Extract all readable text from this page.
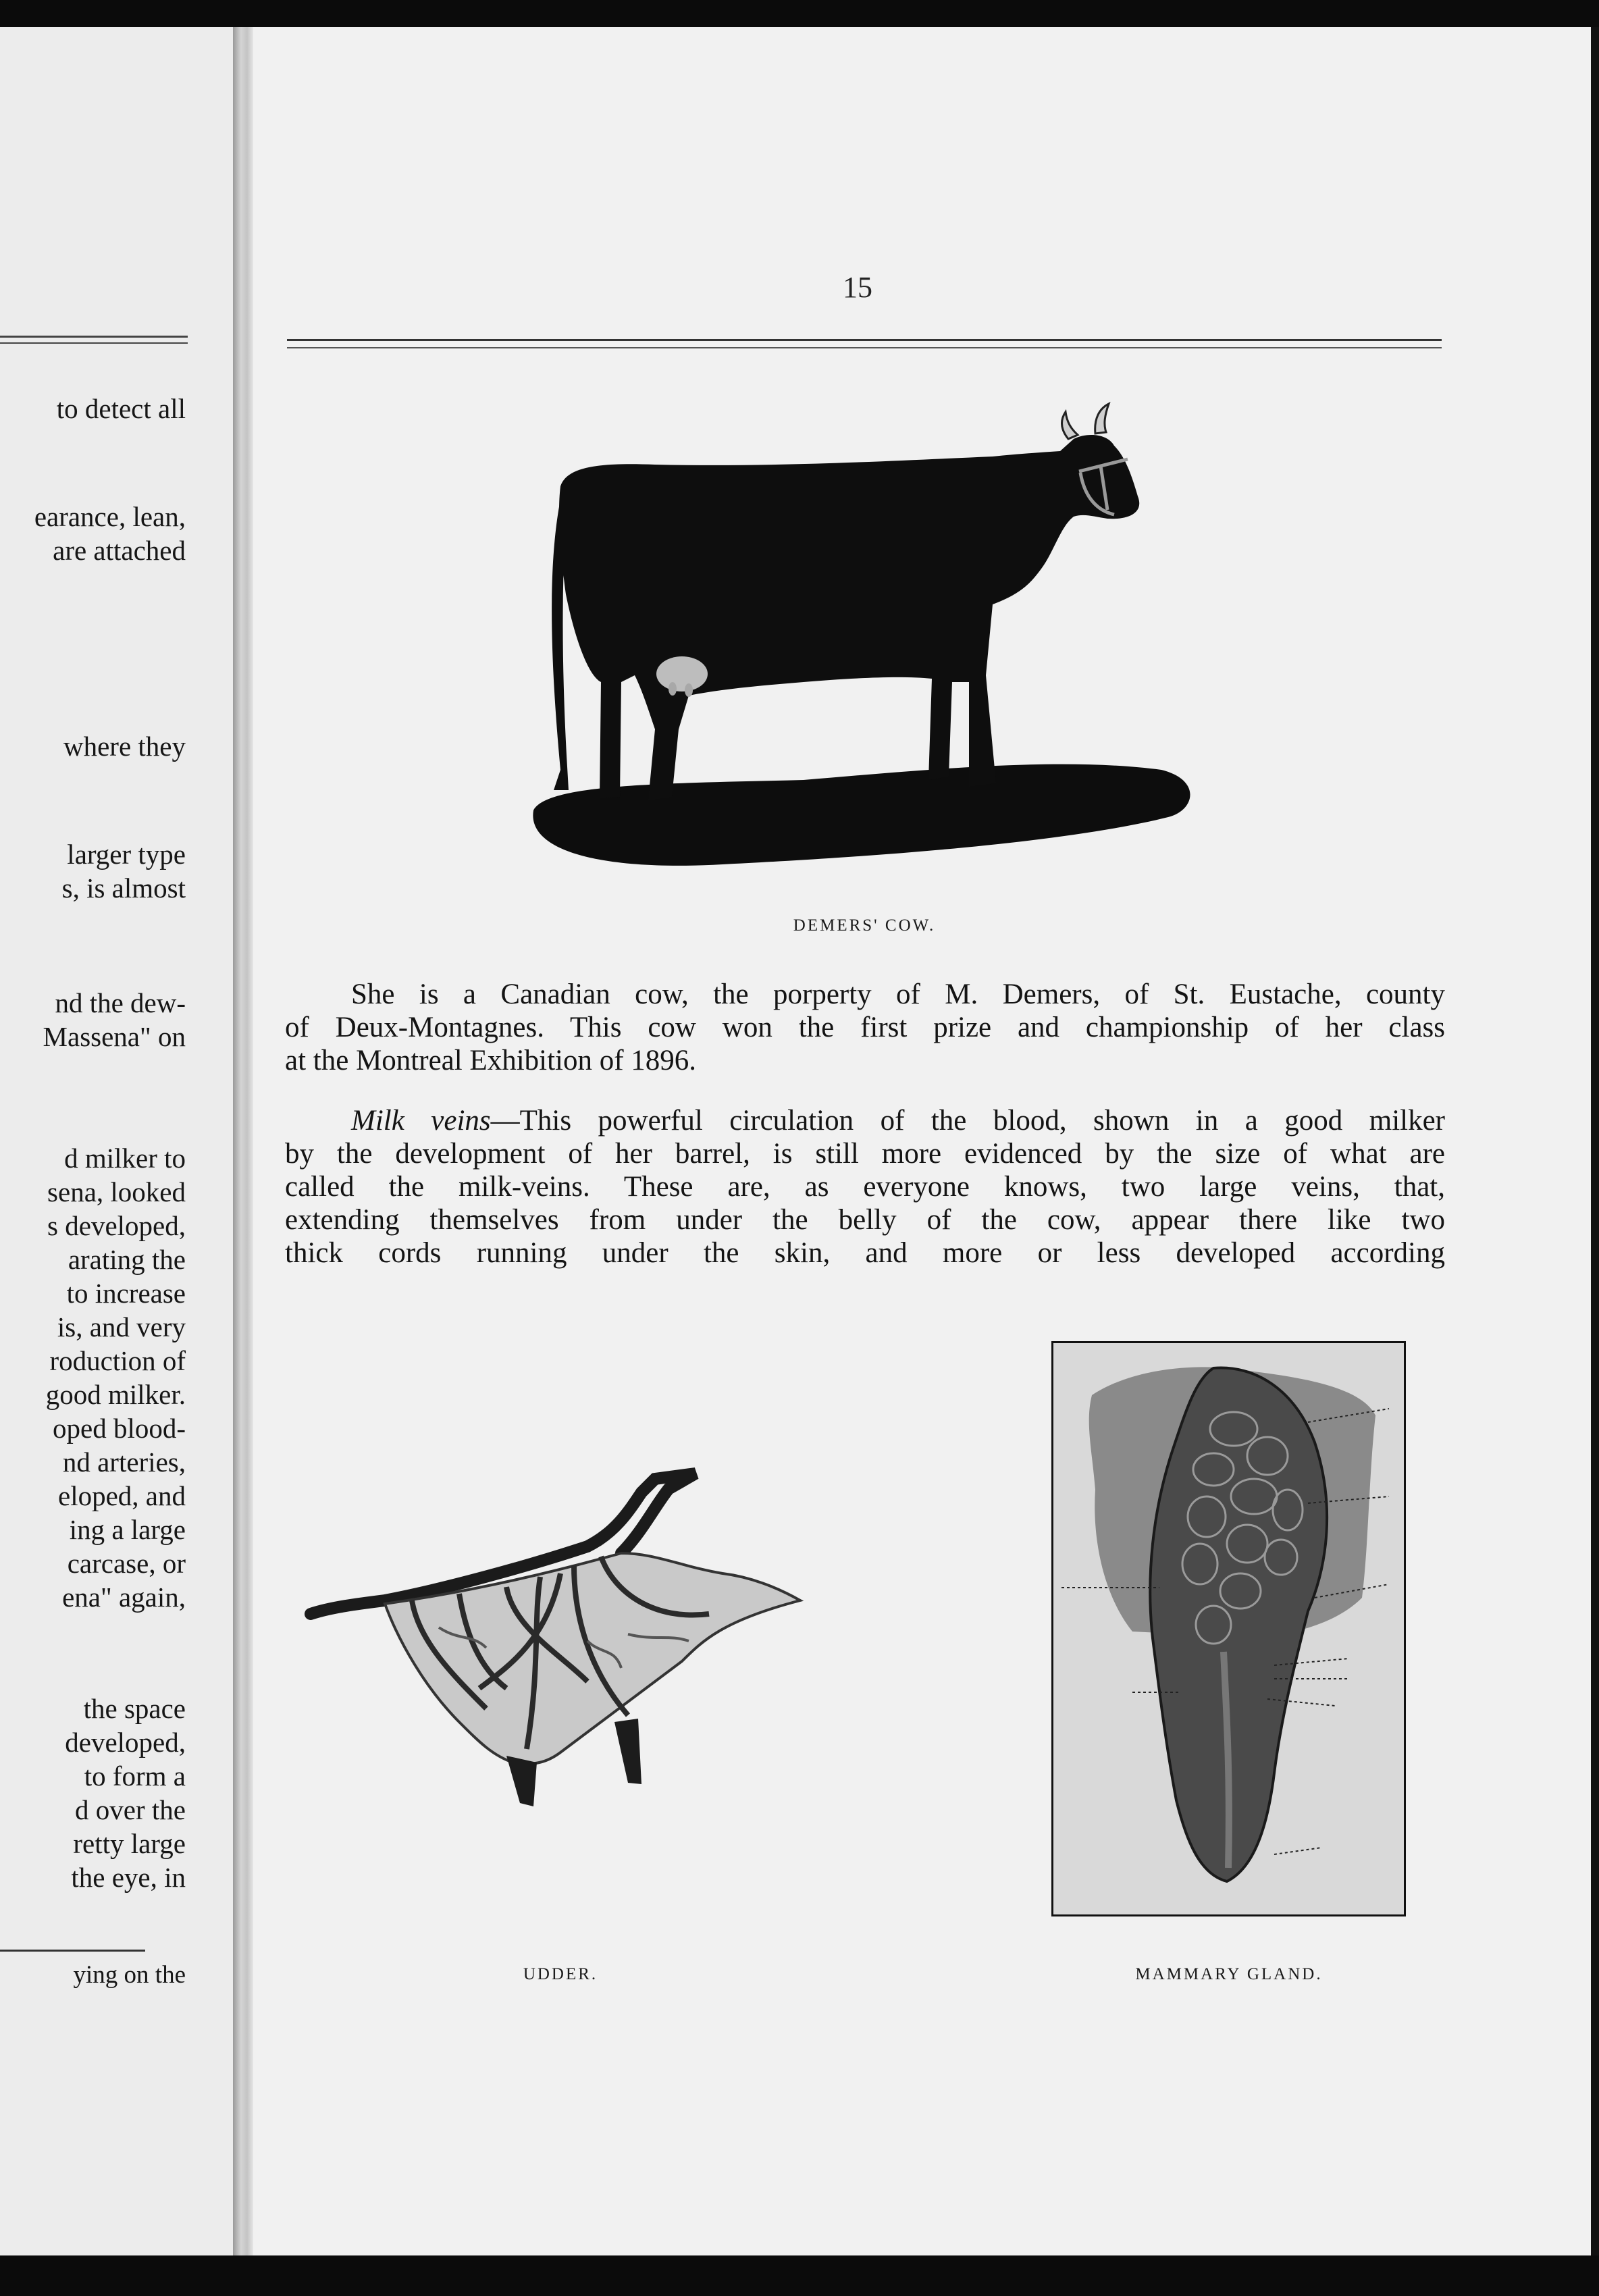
to detect all
earance, lean,
are attached
where they
larger type
s, is almost
nd the dew-
Massena" on
d milker to
sena, looked
s developed,
arating the
to increase
is, and very
roduction of
good milker.
oped blood-
nd arteries,
eloped, and
ing a large
carcase, or
ena" again,
the space
developed,
to form a
d over the
retty large
the eye, in
ying on the
15
DEMERS' COW.
She is a Canadian cow, the porperty of M. Demers, of St. Eustache, county
of Deux-Montagnes. This cow won the first prize and championship of her class
at the Montreal Exhibition of 1896.
Milk veins—This powerful circulation of the blood, shown in a good milker
by the development of her barrel, is still more evidenced by the size of what are
called the milk-veins. These are, as everyone knows, two large veins, that,
extending themselves from under the belly of the cow, appear there like two
thick cords running under the skin, and more or less developed according
UDDER.	MAMMARY GLAND.
